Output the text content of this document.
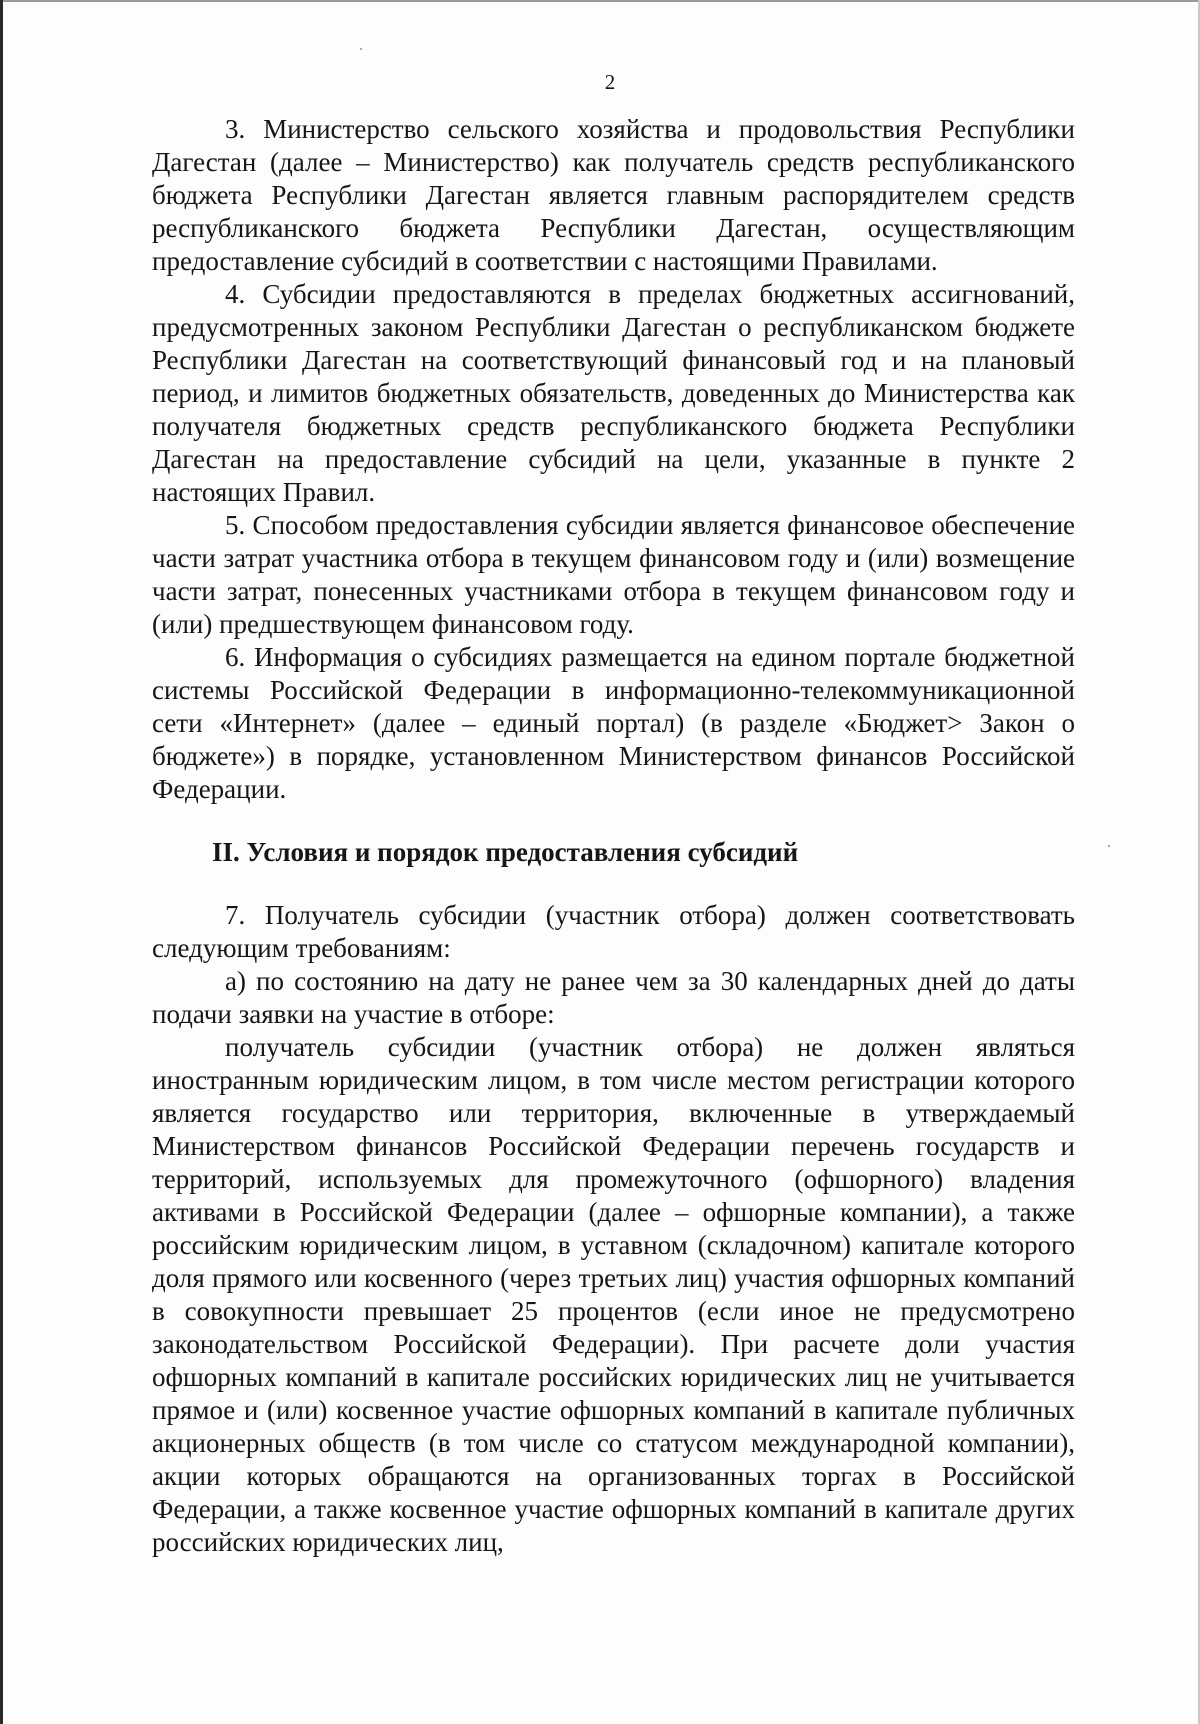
2

3. Министерство сельского хозяйства и продовольствия Республики Дагестан (далее – Министерство) как получатель средств республиканского бюджета Республики Дагестан является главным распорядителем средств республиканского бюджета Республики Дагестан, осуществляющим предоставление субсидий в соответствии с настоящими Правилами.

4. Субсидии предоставляются в пределах бюджетных ассигнований, предусмотренных законом Республики Дагестан о республиканском бюджете Республики Дагестан на соответствующий финансовый год и на плановый период, и лимитов бюджетных обязательств, доведенных до Министерства как получателя бюджетных средств республиканского бюджета Республики Дагестан на предоставление субсидий на цели, указанные в пункте 2 настоящих Правил.

5. Способом предоставления субсидии является финансовое обеспечение части затрат участника отбора в текущем финансовом году и (или) возмещение части затрат, понесенных участниками отбора в текущем финансовом году и (или) предшествующем финансовом году.

6. Информация о субсидиях размещается на едином портале бюджетной системы Российской Федерации в информационно-телекоммуникационной сети «Интернет» (далее – единый портал) (в разделе «Бюджет> Закон о бюджете») в порядке, установленном Министерством финансов Российской Федерации.

II. Условия и порядок предоставления субсидий

7. Получатель субсидии (участник отбора) должен соответствовать следующим требованиям:

а) по состоянию на дату не ранее чем за 30 календарных дней до даты подачи заявки на участие в отборе:

получатель субсидии (участник отбора) не должен являться иностранным юридическим лицом, в том числе местом регистрации которого является государство или территория, включенные в утверждаемый Министерством финансов Российской Федерации перечень государств и территорий, используемых для промежуточного (офшорного) владения активами в Российской Федерации (далее – офшорные компании), а также российским юридическим лицом, в уставном (складочном) капитале которого доля прямого или косвенного (через третьих лиц) участия офшорных компаний в совокупности превышает 25 процентов (если иное не предусмотрено законодательством Российской Федерации). При расчете доли участия офшорных компаний в капитале российских юридических лиц не учитывается прямое и (или) косвенное участие офшорных компаний в капитале публичных акционерных обществ (в том числе со статусом международной компании), акции которых обращаются на организованных торгах в Российской Федерации, а также косвенное участие офшорных компаний в капитале других российских юридических лиц,
